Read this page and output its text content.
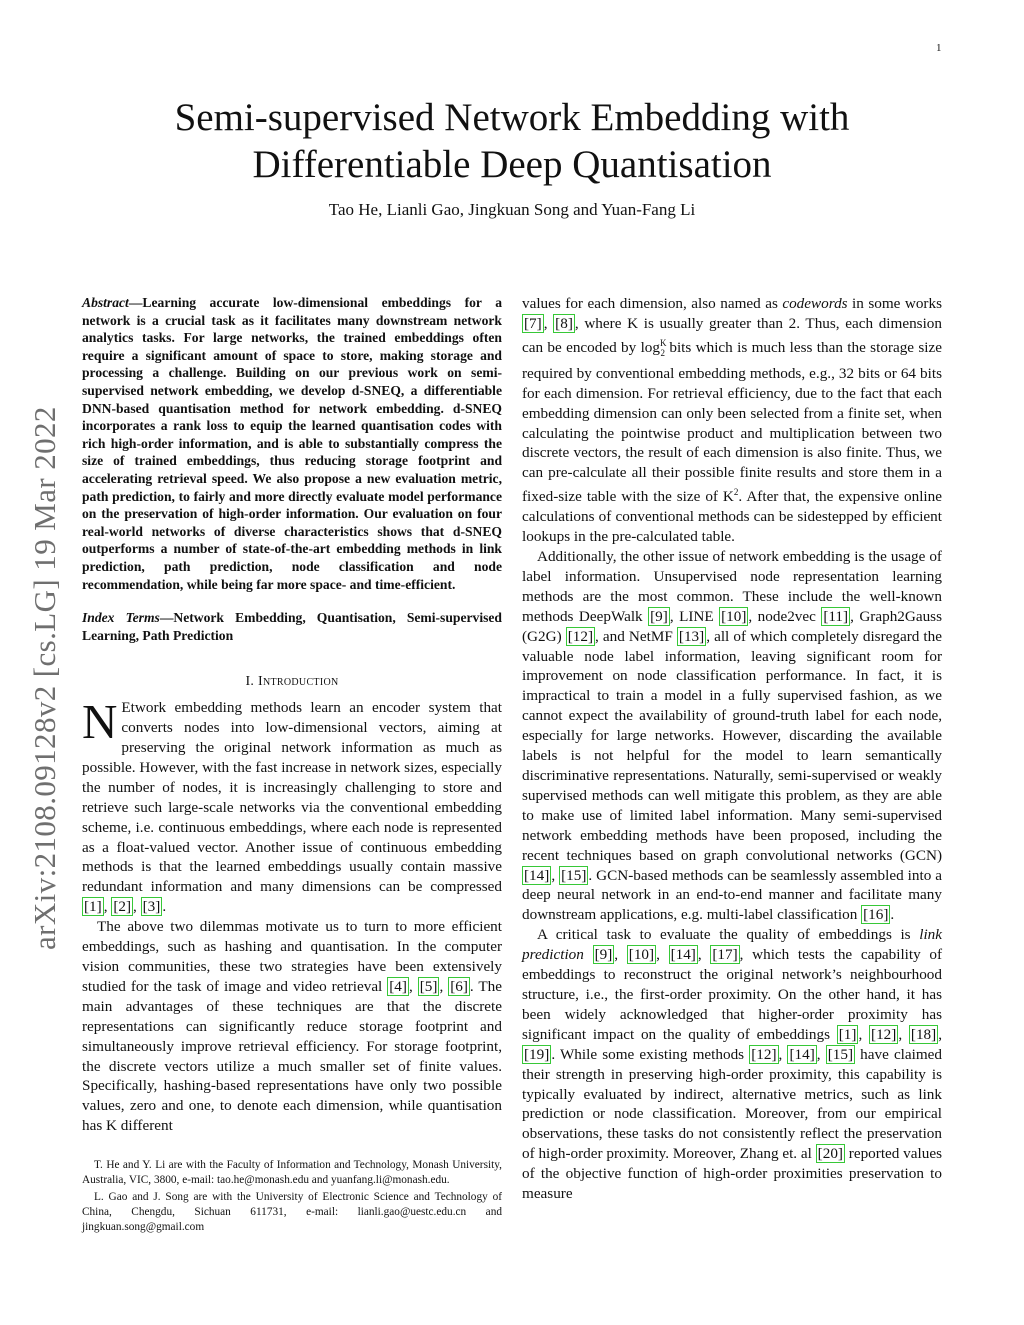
1
arXiv:2108.09128v2 [cs.LG] 19 Mar 2022
Semi-supervised Network Embedding with
Differentiable Deep Quantisation
Tao He, Lianli Gao, Jingkuan Song and Yuan-Fang Li

Abstract—Learning accurate low-dimensional embeddings for a network is a crucial task as it facilitates many downstream network analytics tasks. For large networks, the trained embeddings often require a significant amount of space to store, making storage and processing a challenge. Building on our previous work on semi-supervised network embedding, we develop d-SNEQ, a differentiable DNN-based quantisation method for network embedding. d-SNEQ incorporates a rank loss to equip the learned quantisation codes with rich high-order information, and is able to substantially compress the size of trained embeddings, thus reducing storage footprint and accelerating retrieval speed. We also propose a new evaluation metric, path prediction, to fairly and more directly evaluate model performance on the preservation of high-order information. Our evaluation on four real-world networks of diverse characteristics shows that d-SNEQ outperforms a number of state-of-the-art embedding methods in link prediction, path prediction, node classification and node recommendation, while being far more space- and time-efficient.

Index Terms—Network Embedding, Quantisation, Semi-supervised Learning, Path Prediction

I. Introduction

N Etwork embedding methods learn an encoder system that converts nodes into low-dimensional vectors, aiming at preserving the original network information as much as possible. However, with the fast increase in network sizes, especially the number of nodes, it is increasingly challenging to store and retrieve such large-scale networks via the conventional embedding scheme, i.e. continuous embeddings, where each node is represented as a float-valued vector. Another issue of continuous embedding methods is that the learned embeddings usually contain massive redundant information and many dimensions can be compressed [1] , [2] , [3] .

The above two dilemmas motivate us to turn to more efficient embeddings, such as hashing and quantisation. In the computer vision communities, these two strategies have been extensively studied for the task of image and video retrieval [4] , [5] , [6] . The main advantages of these techniques are that the discrete representations can significantly reduce storage footprint and simultaneously improve retrieval efficiency. For storage footprint, the discrete vectors utilize a much smaller set of finite values. Specifically, hashing-based representations have only two possible values, zero and one, to denote each dimension, while quantisation has K different

T. He and Y. Li are with the Faculty of Information and Technology, Monash University, Australia, VIC, 3800, e-mail: tao.he@monash.edu and yuanfang.li@monash.edu.

L. Gao and J. Song are with the University of Electronic Science and Technology of China, Chengdu, Sichuan 611731, e-mail: lianli.gao@uestc.edu.cn and jingkuan.song@gmail.com

values for each dimension, also named as codewords in some works [7] , [8] , where K is usually greater than 2. Thus, each dimension can be encoded by $\log^K_2$ bits which is much less than the storage size required by conventional embedding methods, e.g., 32 bits or 64 bits for each dimension. For retrieval efficiency, due to the fact that each embedding dimension can only been selected from a finite set, when calculating the pointwise product and multiplication between two discrete vectors, the result of each dimension is also finite. Thus, we can pre-calculate all their possible finite results and store them in a fixed-size table with the size of $K^2$. After that, the expensive online calculations of conventional methods can be sidestepped by efficient lookups in the pre-calculated table.

Additionally, the other issue of network embedding is the usage of label information. Unsupervised node representation learning methods are the most common. These include the well-known methods DeepWalk [9] , LINE [10] , node2vec [11] , Graph2Gauss (G2G) [12] , and NetMF [13] , all of which completely disregard the valuable node label information, leaving significant room for improvement on node classification performance. In fact, it is impractical to train a model in a fully supervised fashion, as we cannot expect the availability of ground-truth label for each node, especially for large networks. However, discarding the available labels is not helpful for the model to learn semantically discriminative representations. Naturally, semi-supervised or weakly supervised methods can well mitigate this problem, as they are able to make use of limited label information. Many semi-supervised network embedding methods have been proposed, including the recent techniques based on graph convolutional networks (GCN) [14] , [15] . GCN-based methods can be seamlessly assembled into a deep neural network in an end-to-end manner and facilitate many downstream applications, e.g. multi-label classification [16] .

A critical task to evaluate the quality of embeddings is link prediction [9] , [10] , [14] , [17] , which tests the capability of embeddings to reconstruct the original network’s neighbourhood structure, i.e., the first-order proximity. On the other hand, it has been widely acknowledged that higher-order proximity has significant impact on the quality of embeddings [1] , [12] , [18] , [19] . While some existing methods [12] , [14] , [15] have claimed their strength in preserving high-order proximity, this capability is typically evaluated by indirect, alternative metrics, such as link prediction or node classification. Moreover, from our empirical observations, these tasks do not consistently reflect the preservation of high-order proximity. Moreover, Zhang et. al [20] reported values of the objective function of high-order proximities preservation to measure
